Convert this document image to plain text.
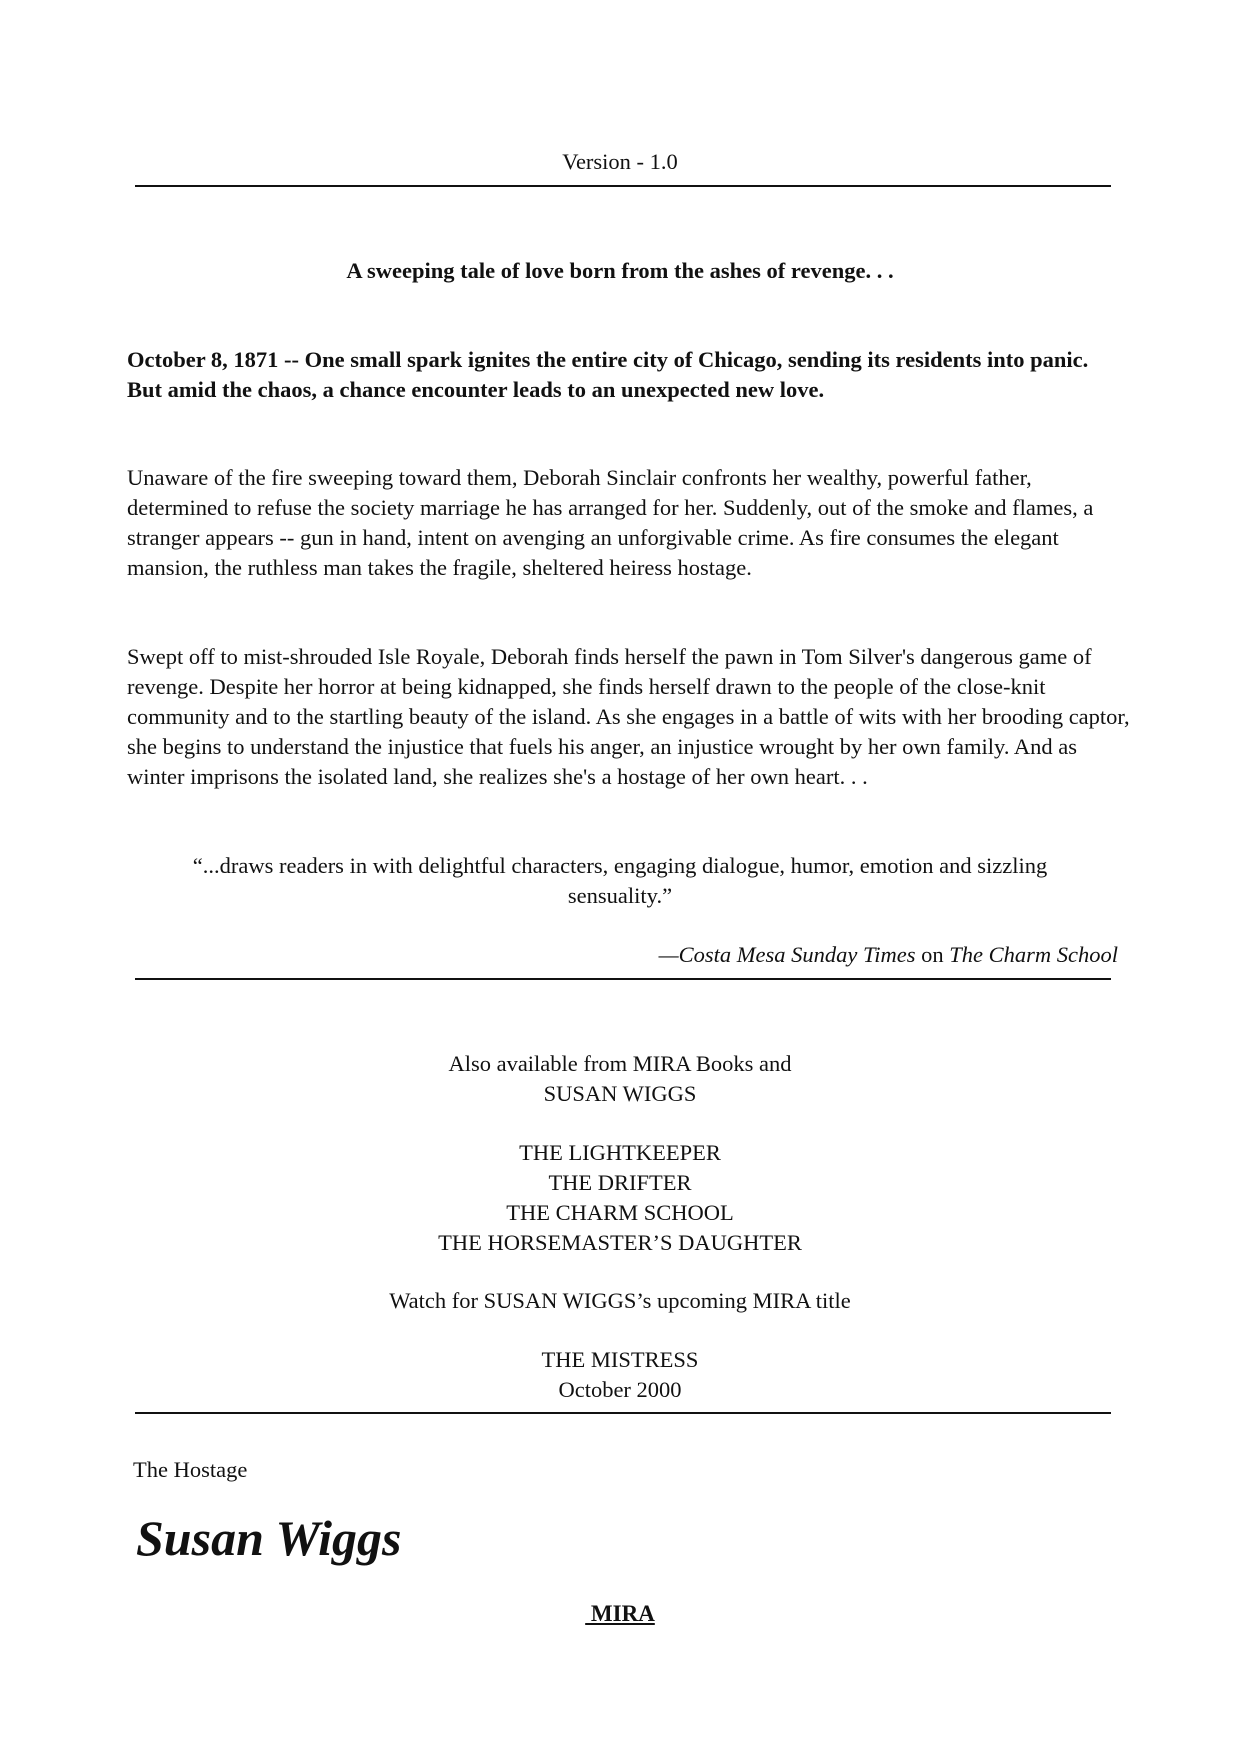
Version - 1.0
A sweeping tale of love born from the ashes of revenge. . .

October 8, 1871 -- One small spark ignites the entire city of Chicago, sending its residents into panic. But amid the chaos, a chance encounter leads to an unexpected new love.

Unaware of the fire sweeping toward them, Deborah Sinclair confronts her wealthy, powerful father, determined to refuse the society marriage he has arranged for her. Suddenly, out of the smoke and flames, a stranger appears -- gun in hand, intent on avenging an unforgivable crime. As fire consumes the elegant mansion, the ruthless man takes the fragile, sheltered heiress hostage.

Swept off to mist-shrouded Isle Royale, Deborah finds herself the pawn in Tom Silver's dangerous game of revenge. Despite her horror at being kidnapped, she finds herself drawn to the people of the close-knit community and to the startling beauty of the island. As she engages in a battle of wits with her brooding captor, she begins to understand the injustice that fuels his anger, an injustice wrought by her own family. And as winter imprisons the isolated land, she realizes she's a hostage of her own heart. . .

“...draws readers in with delightful characters, engaging dialogue, humor, emotion and sizzling sensuality.”
—Costa Mesa Sunday Times on The Charm School
Also available from MIRA Books and
SUSAN WIGGS
THE LIGHTKEEPER
THE DRIFTER
THE CHARM SCHOOL
THE HORSEMASTER’S DAUGHTER
Watch for SUSAN WIGGS’s upcoming MIRA title
THE MISTRESS
October 2000
The Hostage
Susan Wiggs
MIRA
